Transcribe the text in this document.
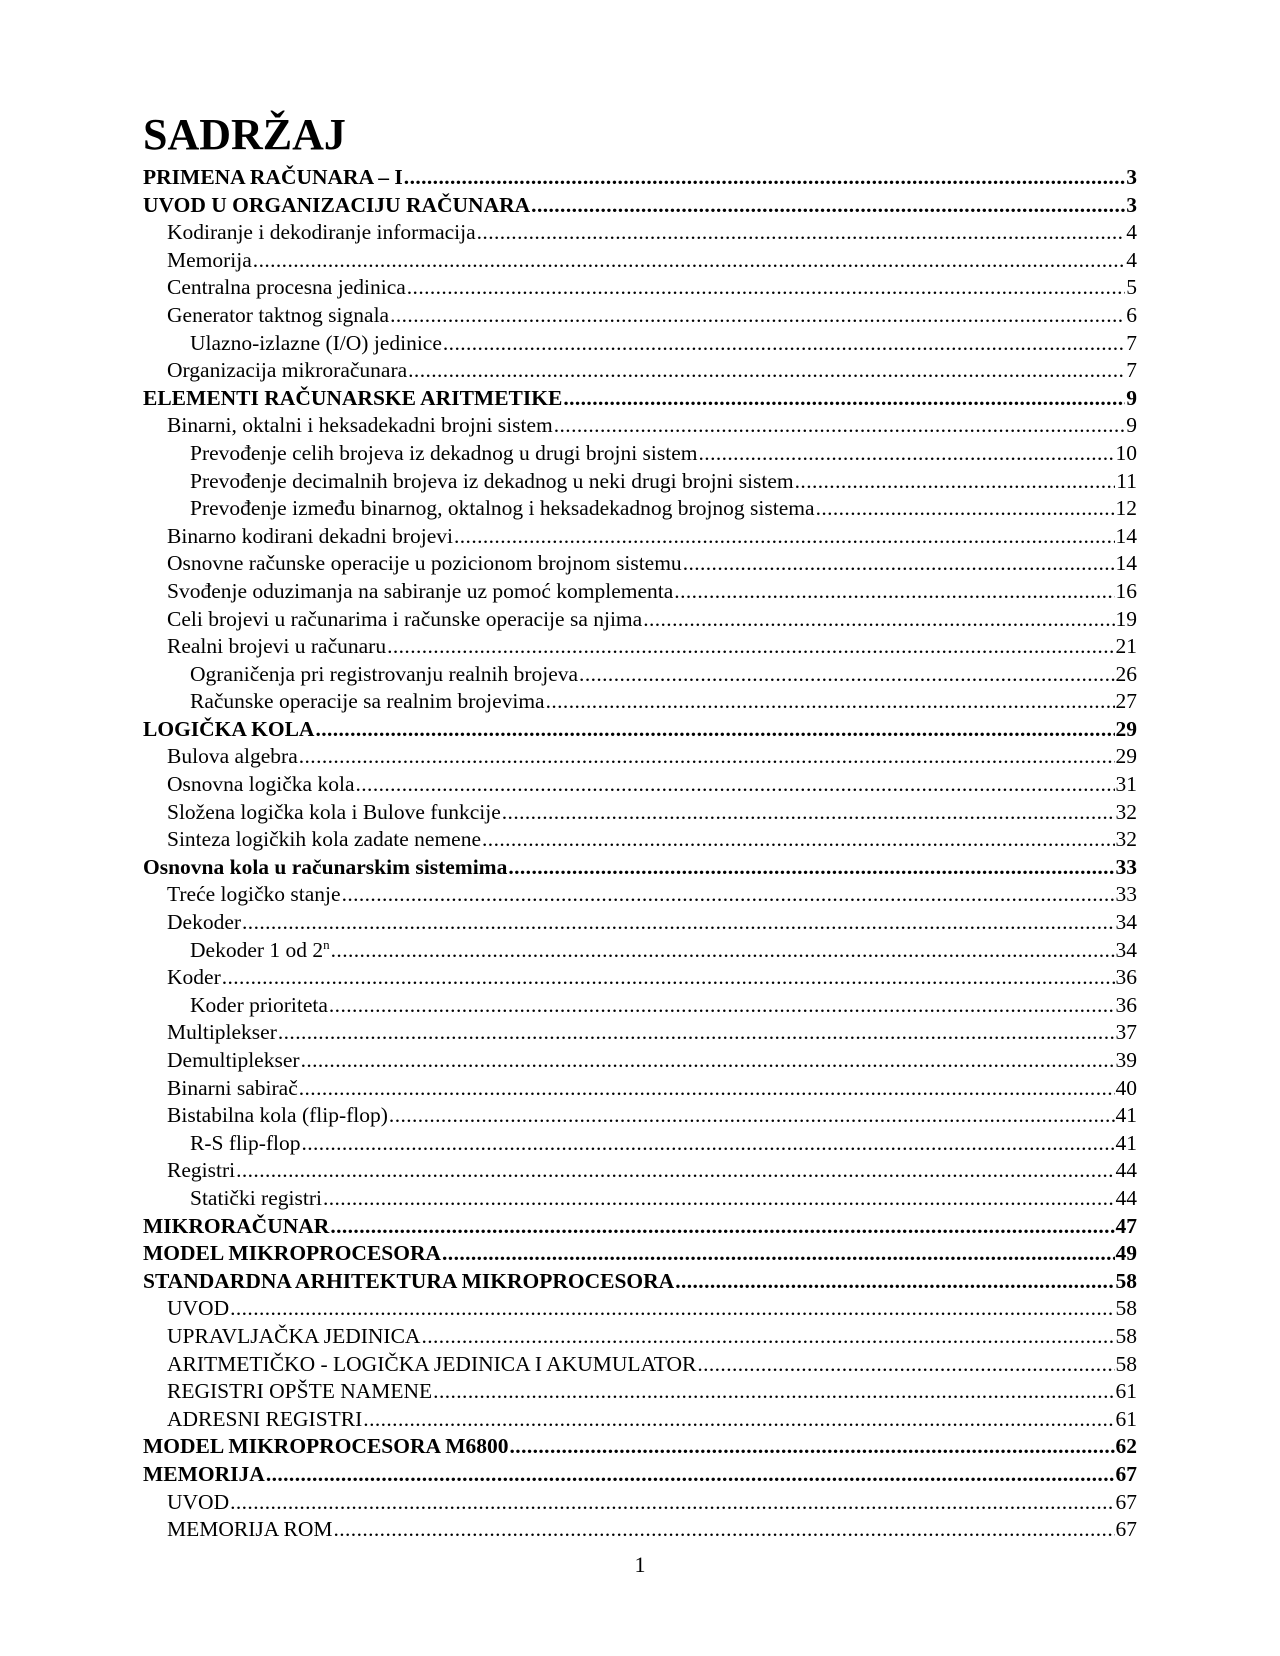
SADRŽAJ
PRIMENA RAČUNARA – I .....	3
UVOD U ORGANIZACIJU RAČUNARA .....	3
Kodiranje i dekodiranje informacija .....	4
Memorija .....	4
Centralna procesna jedinica .....	5
Generator taktnog signala .....	6
Ulazno-izlazne (I/O) jedinice .....	7
Organizacija mikroračunara .....	7
ELEMENTI RAČUNARSKE ARITMETIKE .....	9
Binarni, oktalni i heksadekadni brojni sistem .....	9
Prevođenje celih brojeva iz dekadnog u drugi brojni sistem .....	10
Prevođenje decimalnih brojeva iz dekadnog u neki drugi brojni sistem .....	11
Prevođenje između binarnog, oktalnog i heksadekadnog brojnog sistema .....	12
Binarno kodirani dekadni brojevi .....	14
Osnovne računske operacije u pozicionom brojnom sistemu .....	14
Svođenje oduzimanja na sabiranje uz pomoć komplementa .....	16
Celi brojevi u računarima i računske operacije sa njima .....	19
Realni brojevi u računaru .....	21
Ograničenja pri registrovanju realnih brojeva .....	26
Računske operacije sa realnim brojevima .....	27
LOGIČKA KOLA .....	29
Bulova algebra .....	29
Osnovna logička kola .....	31
Složena logička kola i Bulove funkcije .....	32
Sinteza logičkih kola zadate nemene .....	32
Osnovna kola u računarskim sistemima .....	33
Treće logičko stanje .....	33
Dekoder .....	34
Dekoder 1 od 2$^n$ .....	34
Koder .....	36
Koder prioriteta .....	36
Multiplekser .....	37
Demultiplekser .....	39
Binarni sabirač .....	40
Bistabilna kola (flip-flop) .....	41
R-S flip-flop .....	41
Registri .....	44
Statički registri .....	44
MIKRORAČUNAR .....	47
MODEL MIKROPROCESORA .....	49
STANDARDNA ARHITEKTURA MIKROPROCESORA .....	58
UVOD .....	58
UPRAVLJAČKA JEDINICA .....	58
ARITMETIČKO - LOGIČKA JEDINICA I AKUMULATOR .....	58
REGISTRI OPŠTE NAMENE .....	61
ADRESNI REGISTRI .....	61
MODEL MIKROPROCESORA M6800 .....	62
MEMORIJA .....	67
UVOD .....	67
MEMORIJA ROM .....	67
1
